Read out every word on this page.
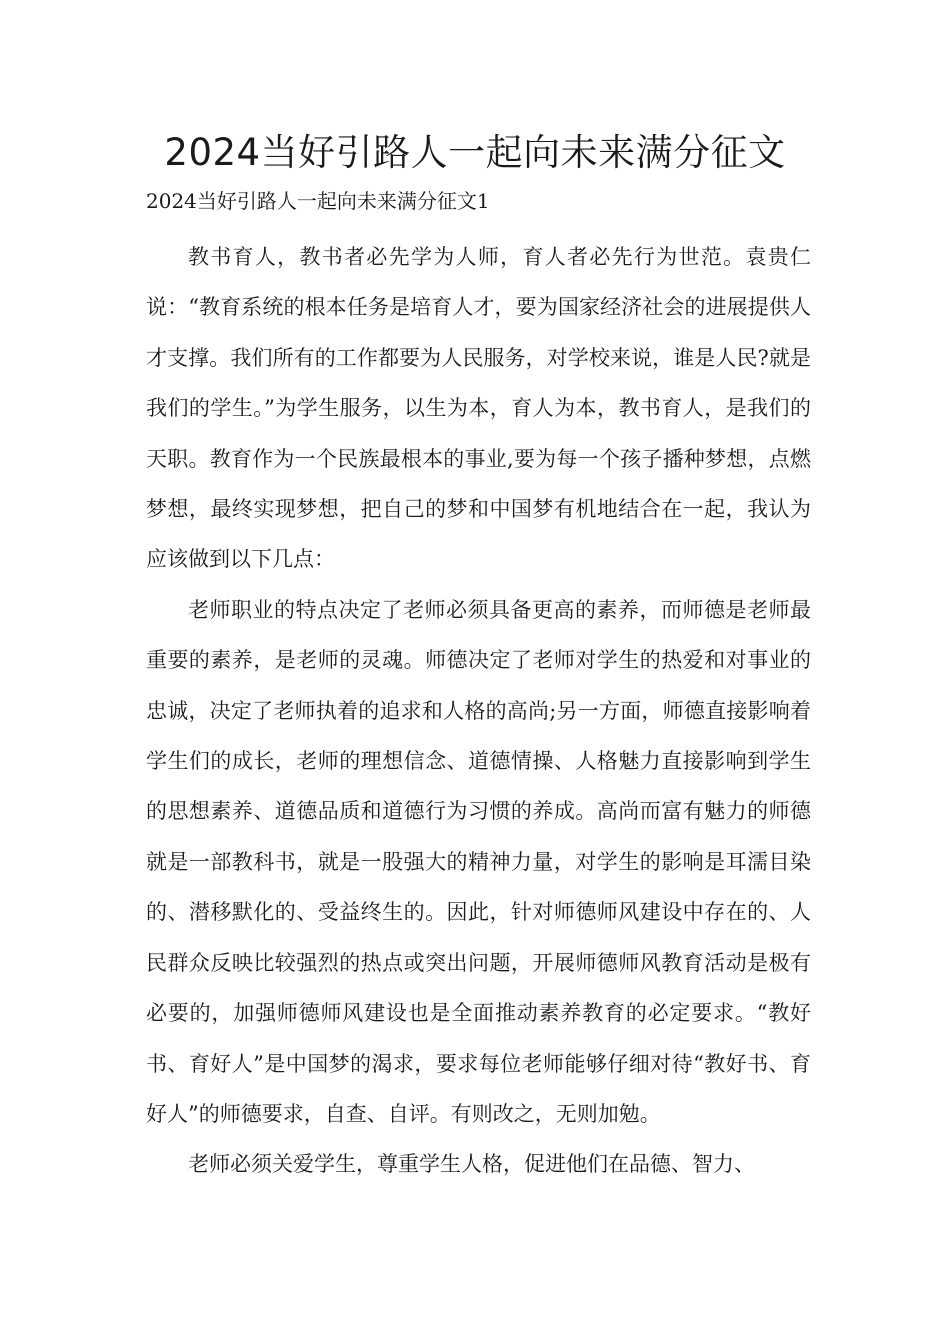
2024当好引路人一起向未来满分征文

2024当好引路人一起向未来满分征文1

教书育人，教书者必先学为人师，育人者必先行为世范。袁贵仁说：“教育系统的根本任务是培育人才，要为国家经济社会的进展提供人才支撑。我们所有的工作都要为人民服务，对学校来说，谁是人民?就是我们的学生。”为学生服务，以生为本，育人为本，教书育人，是我们的天职。教育作为一个民族最根本的事业,要为每一个孩子播种梦想，点燃梦想，最终实现梦想，把自己的梦和中国梦有机地结合在一起，我认为应该做到以下几点：

老师职业的特点决定了老师必须具备更高的素养，而师德是老师最重要的素养，是老师的灵魂。师德决定了老师对学生的热爱和对事业的忠诚，决定了老师执着的追求和人格的高尚;另一方面，师德直接影响着学生们的成长，老师的理想信念、道德情操、人格魅力直接影响到学生的思想素养、道德品质和道德行为习惯的养成。高尚而富有魅力的师德就是一部教科书，就是一股强大的精神力量，对学生的影响是耳濡目染的、潜移默化的、受益终生的。因此，针对师德师风建设中存在的、人民群众反映比较强烈的热点或突出问题，开展师德师风教育活动是极有必要的，加强师德师风建设也是全面推动素养教育的必定要求。“教好书、育好人”是中国梦的渴求，要求每位老师能够仔细对待“教好书、育好人”的师德要求，自查、自评。有则改之，无则加勉。

老师必须关爱学生，尊重学生人格，促进他们在品德、智力、
